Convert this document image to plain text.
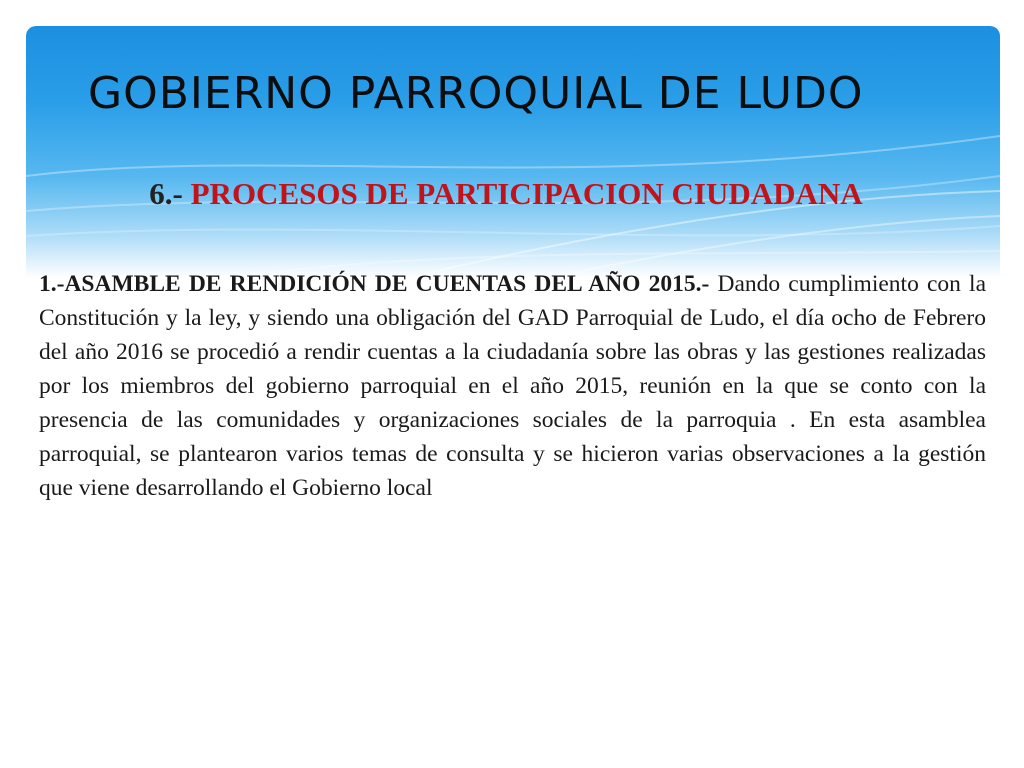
GOBIERNO PARROQUIAL DE LUDO
6.- PROCESOS DE PARTICIPACION CIUDADANA

1.-ASAMBLE DE RENDICIÓN DE CUENTAS DEL AÑO 2015.- Dando cumplimiento con la Constitución y la ley, y siendo una obligación del GAD Parroquial de Ludo, el día ocho de Febrero del año 2016 se procedió a rendir cuentas a la ciudadanía sobre las obras y las gestiones realizadas por los miembros del gobierno parroquial en el año 2015, reunión en la que se conto con la presencia de las comunidades y organizaciones sociales de la parroquia . En esta asamblea parroquial, se plantearon varios temas de consulta y se hicieron varias observaciones a la gestión que viene desarrollando el Gobierno local
